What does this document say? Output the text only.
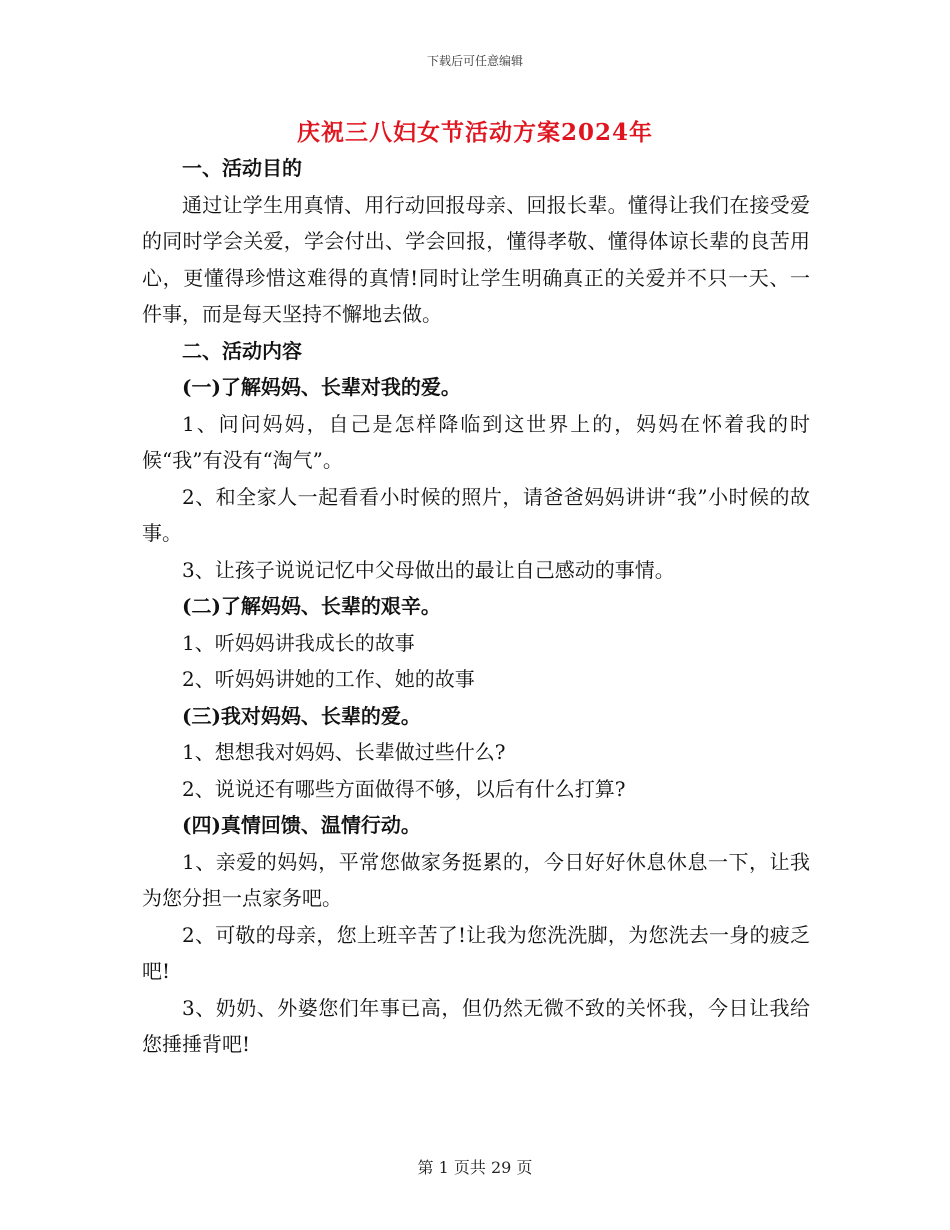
下载后可任意编辑
庆祝三八妇女节活动方案2024年

一、活动目的

通过让学生用真情、用行动回报母亲、回报长辈。懂得让我们在接受爱的同时学会关爱，学会付出、学会回报，懂得孝敬、懂得体谅长辈的良苦用心，更懂得珍惜这难得的真情!同时让学生明确真正的关爱并不只一天、一件事，而是每天坚持不懈地去做。

二、活动内容

(一)了解妈妈、长辈对我的爱。

1、问问妈妈，自己是怎样降临到这世界上的，妈妈在怀着我的时候“我”有没有“淘气”。

2、和全家人一起看看小时候的照片，请爸爸妈妈讲讲“我”小时候的故事。

3、让孩子说说记忆中父母做出的最让自己感动的事情。

(二)了解妈妈、长辈的艰辛。

1、听妈妈讲我成长的故事

2、听妈妈讲她的工作、她的故事

(三)我对妈妈、长辈的爱。

1、想想我对妈妈、长辈做过些什么?

2、说说还有哪些方面做得不够，以后有什么打算?

(四)真情回馈、温情行动。

1、亲爱的妈妈，平常您做家务挺累的，今日好好休息休息一下，让我为您分担一点家务吧。

2、可敬的母亲，您上班辛苦了!让我为您洗洗脚，为您洗去一身的疲乏吧!

3、奶奶、外婆您们年事已高，但仍然无微不致的关怀我，今日让我给您捶捶背吧!

第 1 页共 29 页
